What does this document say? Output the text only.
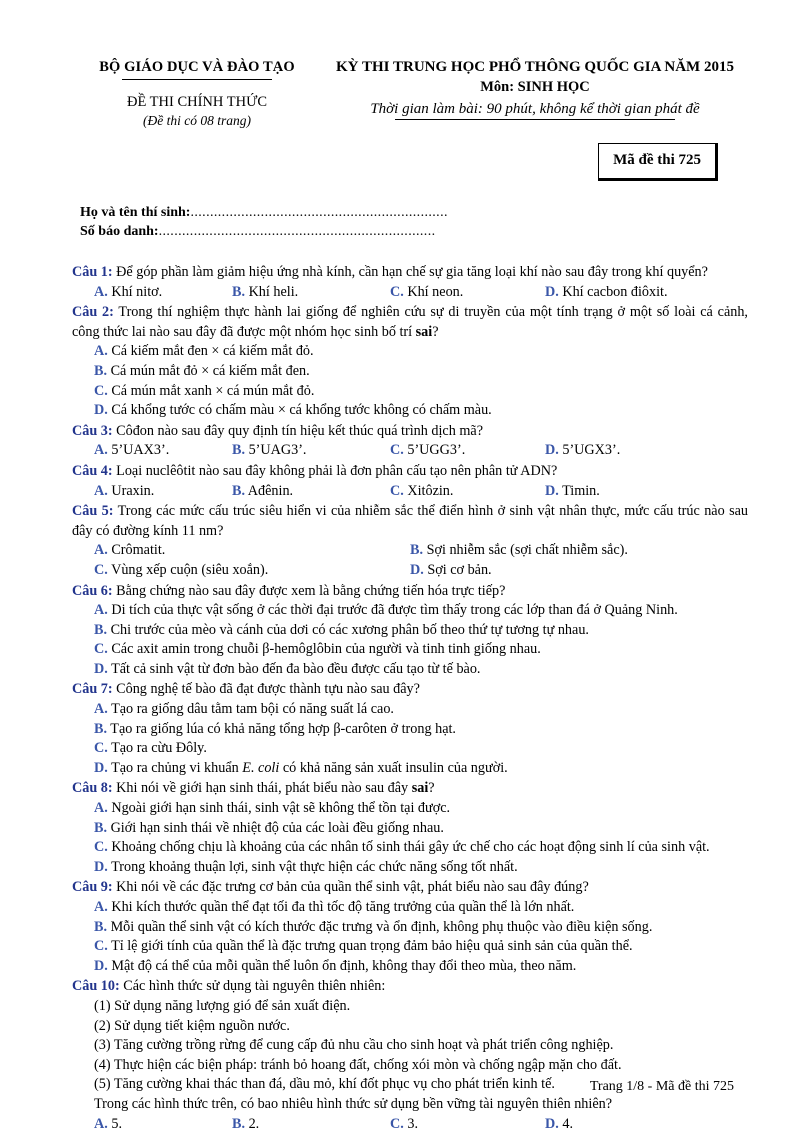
BỘ GIÁO DỤC VÀ ĐÀO TẠO
ĐỀ THI CHÍNH THỨC
(Đề thi có 08 trang)
KỲ THI TRUNG HỌC PHỔ THÔNG QUỐC GIA NĂM 2015
Môn: SINH HỌC
Thời gian làm bài: 90 phút, không kể thời gian phát đề
Mã đề thi 725
Họ và tên thí sinh:..................................................................
Số báo danh:.......................................................................
Câu 1: Để góp phần làm giảm hiệu ứng nhà kính, cần hạn chế sự gia tăng loại khí nào sau đây trong khí quyển?
A. Khí nitơ.	B. Khí heli.	C. Khí neon.	D. Khí cacbon điôxit.
Câu 2: Trong thí nghiệm thực hành lai giống để nghiên cứu sự di truyền của một tính trạng ở một số loài cá cảnh, công thức lai nào sau đây đã được một nhóm học sinh bố trí sai?
A. Cá kiếm mắt đen × cá kiếm mắt đỏ.
B. Cá mún mắt đỏ × cá kiếm mắt đen.
C. Cá mún mắt xanh × cá mún mắt đỏ.
D. Cá khổng tước có chấm màu × cá khổng tước không có chấm màu.
Câu 3: Côđon nào sau đây quy định tín hiệu kết thúc quá trình dịch mã?
A. 5’UAX3’.	B. 5’UAG3’.	C. 5’UGG3’.	D. 5’UGX3’.
Câu 4: Loại nuclêôtit nào sau đây không phải là đơn phân cấu tạo nên phân tử ADN?
A. Uraxin.	B. Ađênin.	C. Xitôzin.	D. Timin.
Câu 5: Trong các mức cấu trúc siêu hiển vi của nhiễm sắc thể điển hình ở sinh vật nhân thực, mức cấu trúc nào sau đây có đường kính 11 nm?
A. Crômatit.	B. Sợi nhiễm sắc (sợi chất nhiễm sắc).
C. Vùng xếp cuộn (siêu xoắn).	D. Sợi cơ bản.
Câu 6: Bằng chứng nào sau đây được xem là bằng chứng tiến hóa trực tiếp?
A. Di tích của thực vật sống ở các thời đại trước đã được tìm thấy trong các lớp than đá ở Quảng Ninh.
B. Chi trước của mèo và cánh của dơi có các xương phân bố theo thứ tự tương tự nhau.
C. Các axit amin trong chuỗi β-hemôglôbin của người và tinh tinh giống nhau.
D. Tất cả sinh vật từ đơn bào đến đa bào đều được cấu tạo từ tế bào.
Câu 7: Công nghệ tế bào đã đạt được thành tựu nào sau đây?
A. Tạo ra giống dâu tằm tam bội có năng suất lá cao.
B. Tạo ra giống lúa có khả năng tổng hợp β-carôten ở trong hạt.
C. Tạo ra cừu Đôly.
D. Tạo ra chủng vi khuẩn E. coli có khả năng sản xuất insulin của người.
Câu 8: Khi nói về giới hạn sinh thái, phát biểu nào sau đây sai?
A. Ngoài giới hạn sinh thái, sinh vật sẽ không thể tồn tại được.
B. Giới hạn sinh thái về nhiệt độ của các loài đều giống nhau.
C. Khoảng chống chịu là khoảng của các nhân tố sinh thái gây ức chế cho các hoạt động sinh lí của sinh vật.
D. Trong khoảng thuận lợi, sinh vật thực hiện các chức năng sống tốt nhất.
Câu 9: Khi nói về các đặc trưng cơ bản của quần thể sinh vật, phát biểu nào sau đây đúng?
A. Khi kích thước quần thể đạt tối đa thì tốc độ tăng trưởng của quần thể là lớn nhất.
B. Mỗi quần thể sinh vật có kích thước đặc trưng và ổn định, không phụ thuộc vào điều kiện sống.
C. Tỉ lệ giới tính của quần thể là đặc trưng quan trọng đảm bảo hiệu quả sinh sản của quần thể.
D. Mật độ cá thể của mỗi quần thể luôn ổn định, không thay đổi theo mùa, theo năm.
Câu 10: Các hình thức sử dụng tài nguyên thiên nhiên:
(1) Sử dụng năng lượng gió để sản xuất điện.
(2) Sử dụng tiết kiệm nguồn nước.
(3) Tăng cường trồng rừng để cung cấp đủ nhu cầu cho sinh hoạt và phát triển công nghiệp.
(4) Thực hiện các biện pháp: tránh bỏ hoang đất, chống xói mòn và chống ngập mặn cho đất.
(5) Tăng cường khai thác than đá, dầu mỏ, khí đốt phục vụ cho phát triển kinh tế.
Trong các hình thức trên, có bao nhiêu hình thức sử dụng bền vững tài nguyên thiên nhiên?
A. 5.	B. 2.	C. 3.	D. 4.
Trang 1/8 - Mã đề thi 725
